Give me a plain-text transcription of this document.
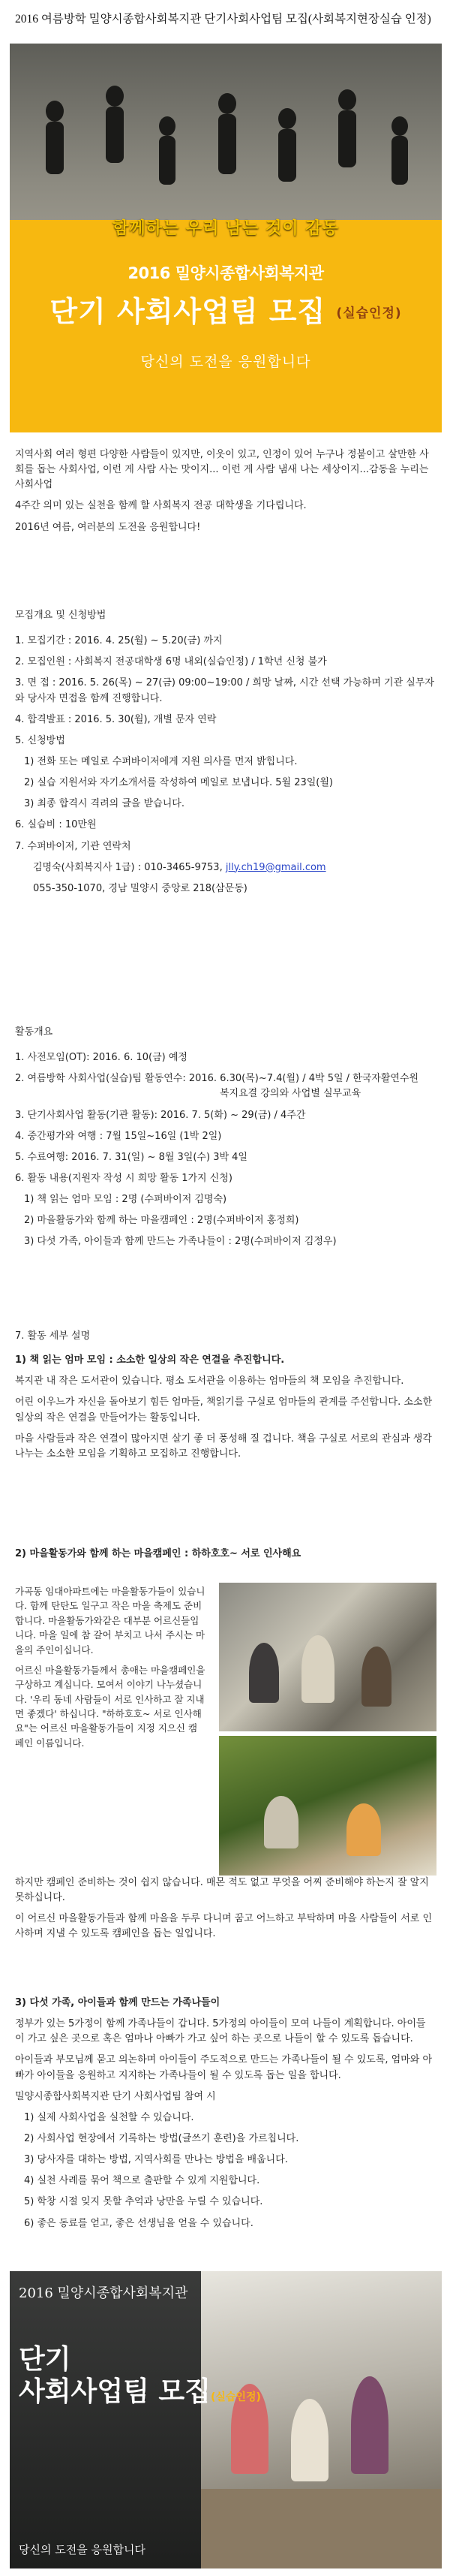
2016 여름방학 밀양시종합사회복지관 단기사회사업팀 모집(사회복지현장실습 인정)
함께하는 우리 남는 것이 감동
2016 밀양시종합사회복지관
단기 사회사업팀 모집 (실습인정)
당신의 도전을 응원합니다
지역사회 여러 형편 다양한 사람들이 있지만, 이웃이 있고, 인정이 있어 누구나 정붙이고 살만한 사회를 돕는 사회사업, 이런 게 사람 사는 맛이지... 이런 게 사람 냄새 나는 세상이지...감동을 누리는 사회사업
4주간 의미 있는 실천을 함께 할 사회복지 전공 대학생을 기다립니다.
2016년 여름, 여러분의 도전을 응원합니다!
모집개요 및 신청방법
1. 모집기간 : 2016. 4. 25(월) ~ 5.20(금) 까지
2. 모집인원 : 사회복지 전공대학생 6명 내외(실습인정) / 1학년 신청 불가
3. 면 접 : 2016. 5. 26(목) ~ 27(금) 09:00~19:00 / 희망 날짜, 시간 선택 가능하며 기관 실무자와 당사자 면접을 함께 진행합니다.
4. 합격발표 : 2016. 5. 30(월), 개별 문자 연락
5. 신청방법
1) 전화 또는 메일로 수퍼바이저에게 지원 의사를 먼저 밝힙니다.
2) 실습 지원서와 자기소개서를 작성하여 메일로 보냅니다. 5월 23일(월)
3) 최종 합격시 격려의 글을 받습니다.
6. 실습비 : 10만원
7. 수퍼바이저, 기관 연락처
김명숙(사회복지사 1급) : 010-3465-9753, jlly.ch19@gmail.com
055-350-1070, 경남 밀양시 중앙로 218(삼문동)
활동개요
1. 사전모임(OT): 2016. 6. 10(금) 예정
2. 여름방학 사회사업(실습)팀 활동연수: 2016. 6.30(목)~7.4(월) / 4박 5일 / 한국자활연수원
　　　　　　　　　　　　　　　　　　　　　복지요결 강의와 사업별 실무교육
3. 단기사회사업 활동(기관 활동): 2016. 7. 5(화) ~ 29(금) / 4주간
4. 중간평가와 여행 : 7월 15일~16일 (1박 2일)
5. 수료여행: 2016. 7. 31(일) ~ 8월 3일(수) 3박 4일
6. 활동 내용(지원자 작성 시 희망 활동 1가지 신청)
1) 책 읽는 엄마 모임 : 2명 (수퍼바이저 김명숙)
2) 마을활동가와 함께 하는 마을캠페인 : 2명(수퍼바이저 홍정희)
3) 다섯 가족, 아이들과 함께 만드는 가족나들이 : 2명(수퍼바이저 김정우)
7. 활동 세부 설명
1) 책 읽는 엄마 모임 : 소소한 일상의 작은 연결을 추진합니다.
복지관 내 작은 도서관이 있습니다. 평소 도서관을 이용하는 엄마들의 책 모임을 추진합니다.
어린 이우느가 자신을 돌아보기 힘든 엄마들, 책읽기를 구실로 엄마들의 관계를 주선합니다. 소소한 일상의 작은 연결을 만들어가는 활동입니다.
마을 사람들과 작은 연결이 많아지면 살기 좋 더 풍성해 질 겁니다. 책을 구실로 서로의 관심과 생각 나누는 소소한 모임을 기획하고 모집하고 진행합니다.
2) 마을활동가와 함께 하는 마을캠페인 : 하하호호~ 서로 인사해요
가곡동 임대아파트에는 마을활동가들이 있습니다. 함께 탄탄도 일구고 작은 마을 축제도 준비합니다. 마을활동가와같은 대부분 어르신들입니다. 마을 일에 참 갈어 부치고 나서 주시는 마을의 주인이십니다.
어르신 마을활동가들께서 총애는 마을캠페인을 구상하고 계십니다. 모여서 이야기 나누셨습니다. '우리 동네 사람들이 서로 인사하고 잘 지내면 좋겠다' 하십니다. "하하호호~ 서로 인사해요"는 어르신 마을활동가들이 지정 지으신 캠페인 이름입니다.
하지만 캠페인 준비하는 것이 쉽지 않습니다. 매몬 적도 없고 무엇을 어찌 준비해야 하는지 잘 알지 못하십니다.
이 어르신 마을활동가들과 함께 마을을 두루 다니며 꿈고 어느하고 부탁하며 마을 사람들이 서로 인사하며 지낼 수 있도록 캠페인을 돕는 일입니다.
3) 다섯 가족, 아이들과 함께 만드는 가족나들이
정부가 있는 5가정이 함께 가족나들이 갑니다. 5가정의 아이들이 모여 나들이 계획합니다. 아이들이 가고 싶은 곳으로 혹은 엄마나 아빠가 가고 싶어 하는 곳으로 나들이 할 수 있도록 돕습니다.
아이들과 부모님께 묻고 의논하며 아이들이 주도적으로 만드는 가족나들이 될 수 있도록, 엄마와 아빠가 아이들을 응원하고 지지하는 가족나들이 될 수 있도록 돕는 일을 합니다.
밀양시종합사회복지관 단기 사회사업팀 참여 시
1) 실제 사회사업을 실천할 수 있습니다.
2) 사회사업 현장에서 기록하는 방법(글쓰기 훈련)을 가르칩니다.
3) 당사자를 대하는 방법, 지역사회를 만나는 방법을 배웁니다.
4) 실천 사례를 묶어 책으로 출판할 수 있게 지원합니다.
5) 학창 시절 잊지 못할 추억과 낭만을 누릴 수 있습니다.
6) 좋은 동료를 얻고, 좋은 선생님을 얻을 수 있습니다.
2016 밀양시종합사회복지관
단기
사회사업팀 모집(실습인정)
당신의 도전을 응원합니다
